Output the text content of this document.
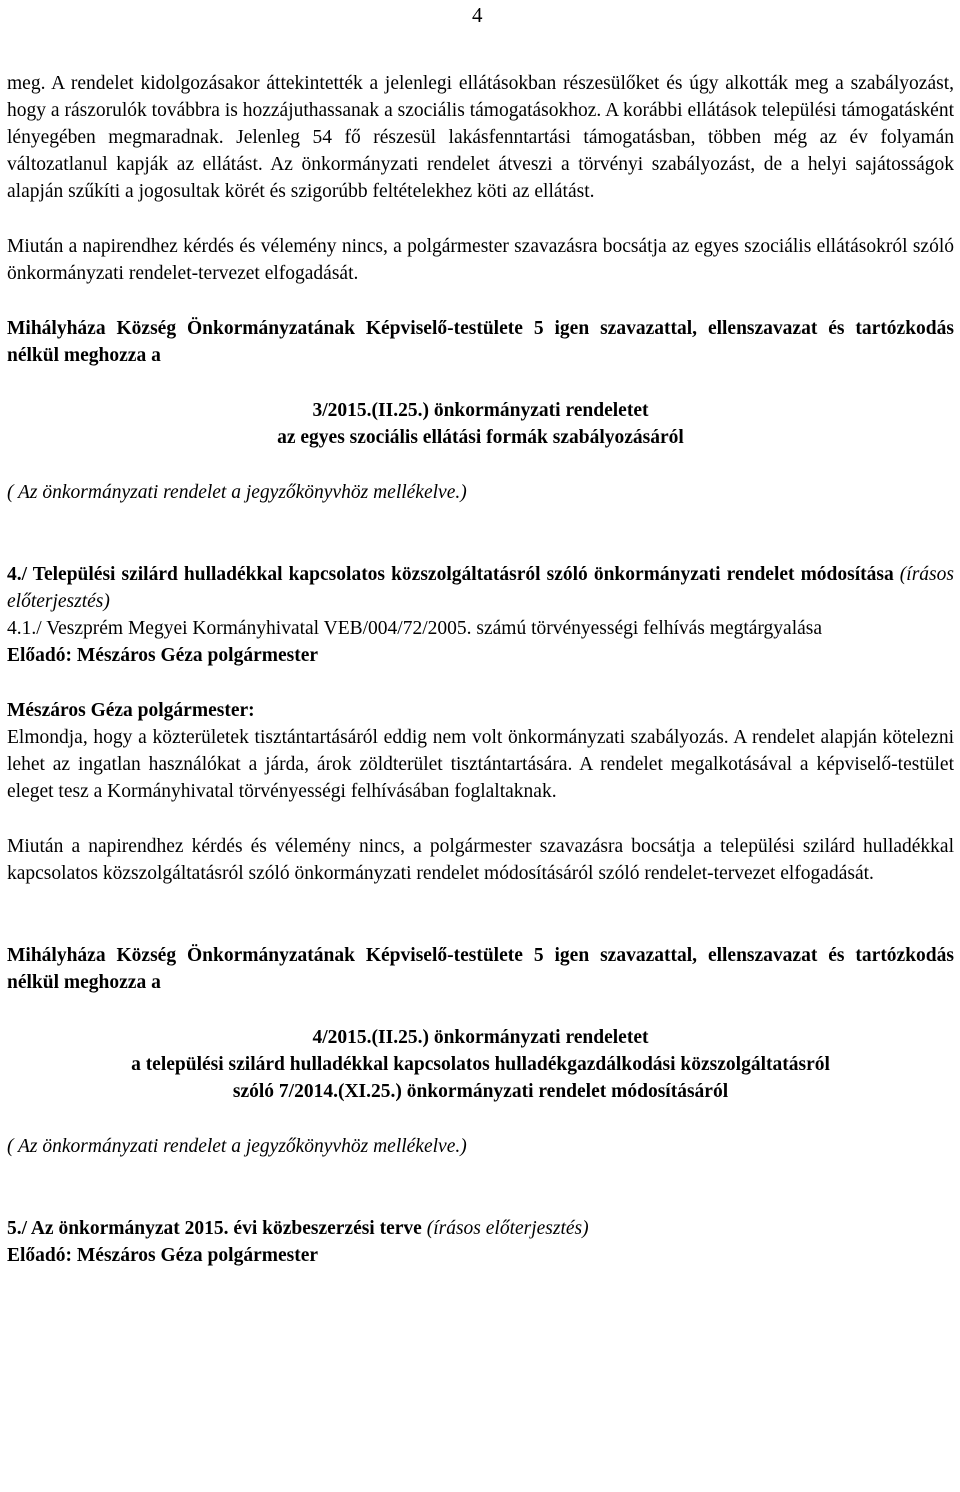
4

meg. A rendelet kidolgozásakor áttekintették a jelenlegi ellátásokban részesülőket és úgy alkották meg a szabályozást, hogy a rászorulók továbbra is hozzájuthassanak a szociális támogatásokhoz. A korábbi ellátások települési támogatásként lényegében megmaradnak. Jelenleg 54 fő részesül lakásfenntartási támogatásban, többen még az év folyamán változatlanul kapják az ellátást. Az önkormányzati rendelet átveszi a törvényi szabályozást, de a helyi sajátosságok alapján szűkíti a jogosultak körét és szigorúbb feltételekhez köti az ellátást.

Miután a napirendhez kérdés és vélemény nincs, a polgármester szavazásra bocsátja az egyes szociális ellátásokról szóló önkormányzati rendelet-tervezet elfogadását.

Mihályháza Község Önkormányzatának Képviselő-testülete 5 igen szavazattal, ellenszavazat és tartózkodás nélkül meghozza a

3/2015.(II.25.) önkormányzati rendeletet

az egyes szociális ellátási formák szabályozásáról

( Az önkormányzati rendelet a jegyzőkönyvhöz mellékelve.)

4./ Települési szilárd hulladékkal kapcsolatos közszolgáltatásról szóló önkormányzati rendelet módosítása (írásos előterjesztés)

4.1./ Veszprém Megyei Kormányhivatal VEB/004/72/2005. számú törvényességi felhívás megtárgyalása

Előadó: Mészáros Géza polgármester

Mészáros Géza polgármester:

Elmondja, hogy a közterületek tisztántartásáról eddig nem volt önkormányzati szabályozás. A rendelet alapján kötelezni lehet az ingatlan használókat a járda, árok zöldterület tisztántartására. A rendelet megalkotásával a képviselő-testület eleget tesz a Kormányhivatal törvényességi felhívásában foglaltaknak.

Miután a napirendhez kérdés és vélemény nincs, a polgármester szavazásra bocsátja a települési szilárd hulladékkal kapcsolatos közszolgáltatásról szóló önkormányzati rendelet módosításáról szóló rendelet-tervezet elfogadását.

Mihályháza Község Önkormányzatának Képviselő-testülete 5 igen szavazattal, ellenszavazat és tartózkodás nélkül meghozza a

4/2015.(II.25.) önkormányzati rendeletet

a települési szilárd hulladékkal kapcsolatos hulladékgazdálkodási közszolgáltatásról

szóló 7/2014.(XI.25.) önkormányzati rendelet módosításáról

( Az önkormányzati rendelet a jegyzőkönyvhöz mellékelve.)

5./ Az önkormányzat 2015. évi közbeszerzési terve (írásos előterjesztés)

Előadó: Mészáros Géza polgármester
